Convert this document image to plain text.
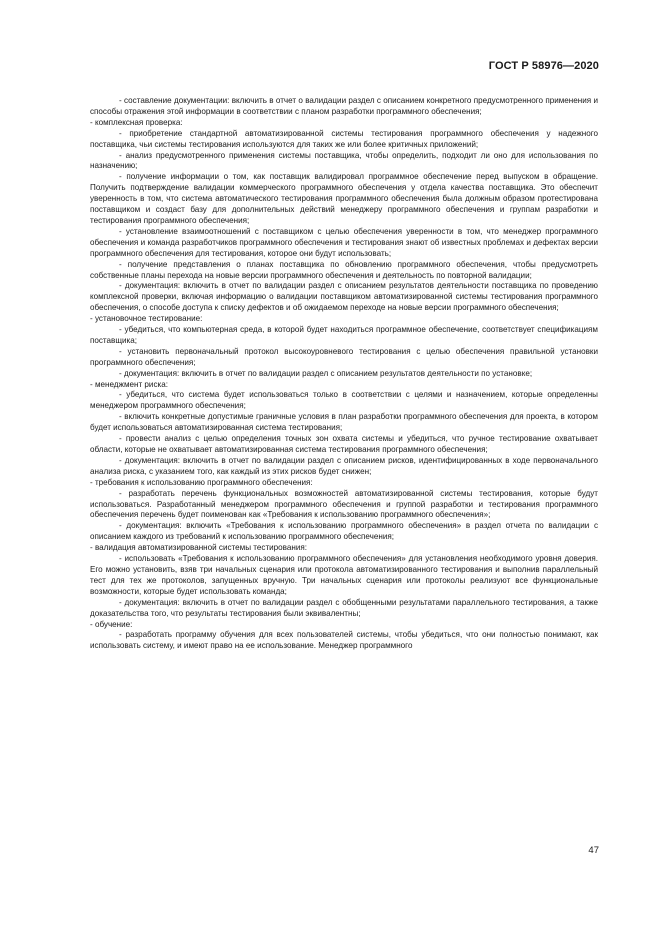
ГОСТ Р 58976—2020

- составление документации: включить в отчет о валидации раздел с описанием конкретного предусмотренного применения и способы отражения этой информации в соответствии с планом разработки программного обеспечения;

- комплексная проверка:

- приобретение стандартной автоматизированной системы тестирования программного обеспечения у надежного поставщика, чьи системы тестирования используются для таких же или более критичных приложений;

- анализ предусмотренного применения системы поставщика, чтобы определить, подходит ли оно для использования по назначению;

- получение информации о том, как поставщик валидировал программное обеспечение перед выпуском в обращение. Получить подтверждение валидации коммерческого программного обеспечения у отдела качества поставщика. Это обеспечит уверенность в том, что система автоматического тестирования программного обеспечения была должным образом протестирована поставщиком и создаст базу для дополнительных действий менеджеру программного обеспечения и группам разработки и тестирования программного обеспечения;

- установление взаимоотношений с поставщиком с целью обеспечения уверенности в том, что менеджер программного обеспечения и команда разработчиков программного обеспечения и тестирования знают об известных проблемах и дефектах версии программного обеспечения для тестирования, которое они будут использовать;

- получение представления о планах поставщика по обновлению программного обеспечения, чтобы предусмотреть собственные планы перехода на новые версии программного обеспечения и деятельность по повторной валидации;

- документация: включить в отчет по валидации раздел с описанием результатов деятельности поставщика по проведению комплексной проверки, включая информацию о валидации поставщиком автоматизированной системы тестирования программного обеспечения, о способе доступа к списку дефектов и об ожидаемом переходе на новые версии программного обеспечения;

- установочное тестирование:

- убедиться, что компьютерная среда, в которой будет находиться программное обеспечение, соответствует спецификациям поставщика;

- установить первоначальный протокол высокоуровневого тестирования с целью обеспечения правильной установки программного обеспечения;

- документация: включить в отчет по валидации раздел с описанием результатов деятельности по установке;

- менеджмент риска:

- убедиться, что система будет использоваться только в соответствии с целями и назначением, которые определенны менеджером программного обеспечения;

- включить конкретные допустимые граничные условия в план разработки программного обеспечения для проекта, в котором будет использоваться автоматизированная система тестирования;

- провести анализ с целью определения точных зон охвата системы и убедиться, что ручное тестирование охватывает области, которые не охватывает автоматизированная система тестирования программного обеспечения;

- документация: включить в отчет по валидации раздел с описанием рисков, идентифицированных в ходе первоначального анализа риска, с указанием того, как каждый из этих рисков будет снижен;

- требования к использованию программного обеспечения:

- разработать перечень функциональных возможностей автоматизированной системы тестирования, которые будут использоваться. Разработанный менеджером программного обеспечения и группой разработки и тестирования программного обеспечения перечень будет поименован как «Требования к использованию программного обеспечения»;

- документация: включить «Требования к использованию программного обеспечения» в раздел отчета по валидации с описанием каждого из требований к использованию программного обеспечения;

- валидация автоматизированной системы тестирования:

- использовать «Требования к использованию программного обеспечения» для установления необходимого уровня доверия. Его можно установить, взяв три начальных сценария или протокола автоматизированного тестирования и выполнив параллельный тест для тех же протоколов, запущенных вручную. Три начальных сценария или протоколы реализуют все функциональные возможности, которые будет использовать команда;

- документация: включить в отчет по валидации раздел с обобщенными результатами параллельного тестирования, а также доказательства того, что результаты тестирования были эквивалентны;

- обучение:

- разработать программу обучения для всех пользователей системы, чтобы убедиться, что они полностью понимают, как использовать систему, и имеют право на ее использование. Менеджер программного

47
